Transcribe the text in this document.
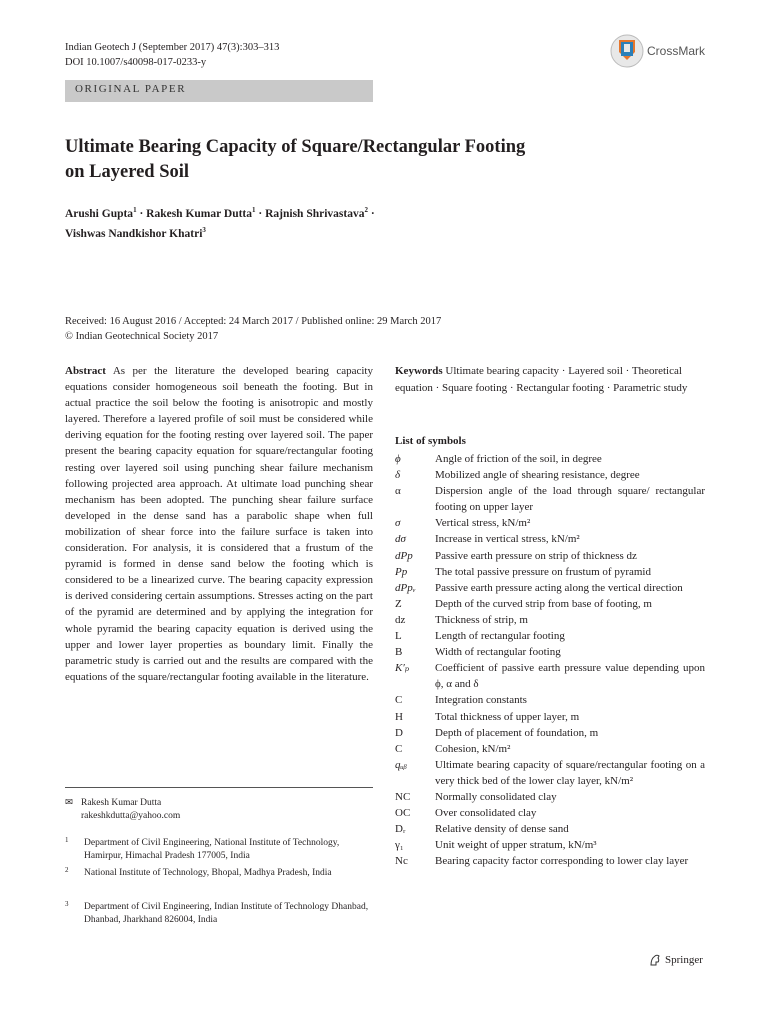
Indian Geotech J (September 2017) 47(3):303–313
DOI 10.1007/s40098-017-0233-y
CrossMark
ORIGINAL PAPER
Ultimate Bearing Capacity of Square/Rectangular Footing
on Layered Soil
Arushi Gupta$^1$ · Rakesh Kumar Dutta$^1$ · Rajnish Shrivastava$^2$ ·
Vishwas Nandkishor Khatri$^3$
Received: 16 August 2016 / Accepted: 24 March 2017 / Published online: 29 March 2017
© Indian Geotechnical Society 2017
Abstract As per the literature the developed bearing capacity equations consider homogeneous soil beneath the footing. But in actual practice the soil below the footing is anisotropic and mostly layered. Therefore a layered profile of soil must be considered while deriving equation for the footing resting over layered soil. The paper present the bearing capacity equation for square/rectangular footing resting over layered soil using punching shear failure mechanism following projected area approach. At ultimate load punching shear mechanism has been adopted. The punching shear failure surface developed in the dense sand has a parabolic shape when full mobilization of shear force into the failure surface is taken into consideration. For analysis, it is considered that a frustum of the pyramid is formed in dense sand below the footing which is considered to be a linearized curve. The bearing capacity expression is derived considering certain assumptions. Stresses acting on the part of the pyramid are determined and by applying the integration for whole pyramid the bearing capacity equation is derived using the upper and lower layer properties as boundary limit. Finally the parametric study is carried out and the results are compared with the equations of the square/rectangular footing available in the literature.
✉ Rakesh Kumar Dutta
rakeshkdutta@yahoo.com
1 Department of Civil Engineering, National Institute of Technology, Hamirpur, Himachal Pradesh 177005, India
2 National Institute of Technology, Bhopal, Madhya Pradesh, India
3 Department of Civil Engineering, Indian Institute of Technology Dhanbad, Dhanbad, Jharkhand 826004, India
Keywords Ultimate bearing capacity · Layered soil · Theoretical equation · Square footing · Rectangular footing · Parametric study
List of symbols
ϕ	Angle of friction of the soil, in degree
δ	Mobilized angle of shearing resistance, degree
α	Dispersion angle of the load through square/ rectangular footing on upper layer
σ	Vertical stress, kN/m²
dσ	Increase in vertical stress, kN/m²
dPp	Passive earth pressure on strip of thickness dz
Pp	The total passive pressure on frustum of pyramid
dPpᵥ	Passive earth pressure acting along the vertical direction
Z	Depth of the curved strip from base of footing, m
dz	Thickness of strip, m
L	Length of rectangular footing
B	Width of rectangular footing
K′ₚ	Coefficient of passive earth pressure value depending upon ϕ, α and δ
C	Integration constants
H	Total thickness of upper layer, m
D	Depth of placement of foundation, m
C	Cohesion, kN/m²
qᵤᵦ	Ultimate bearing capacity of square/rectangular footing on a very thick bed of the lower clay layer, kN/m²
NC	Normally consolidated clay
OC	Over consolidated clay
Dᵣ	Relative density of dense sand
γ₁	Unit weight of upper stratum, kN/m³
Nc	Bearing capacity factor corresponding to lower clay layer
Springer
